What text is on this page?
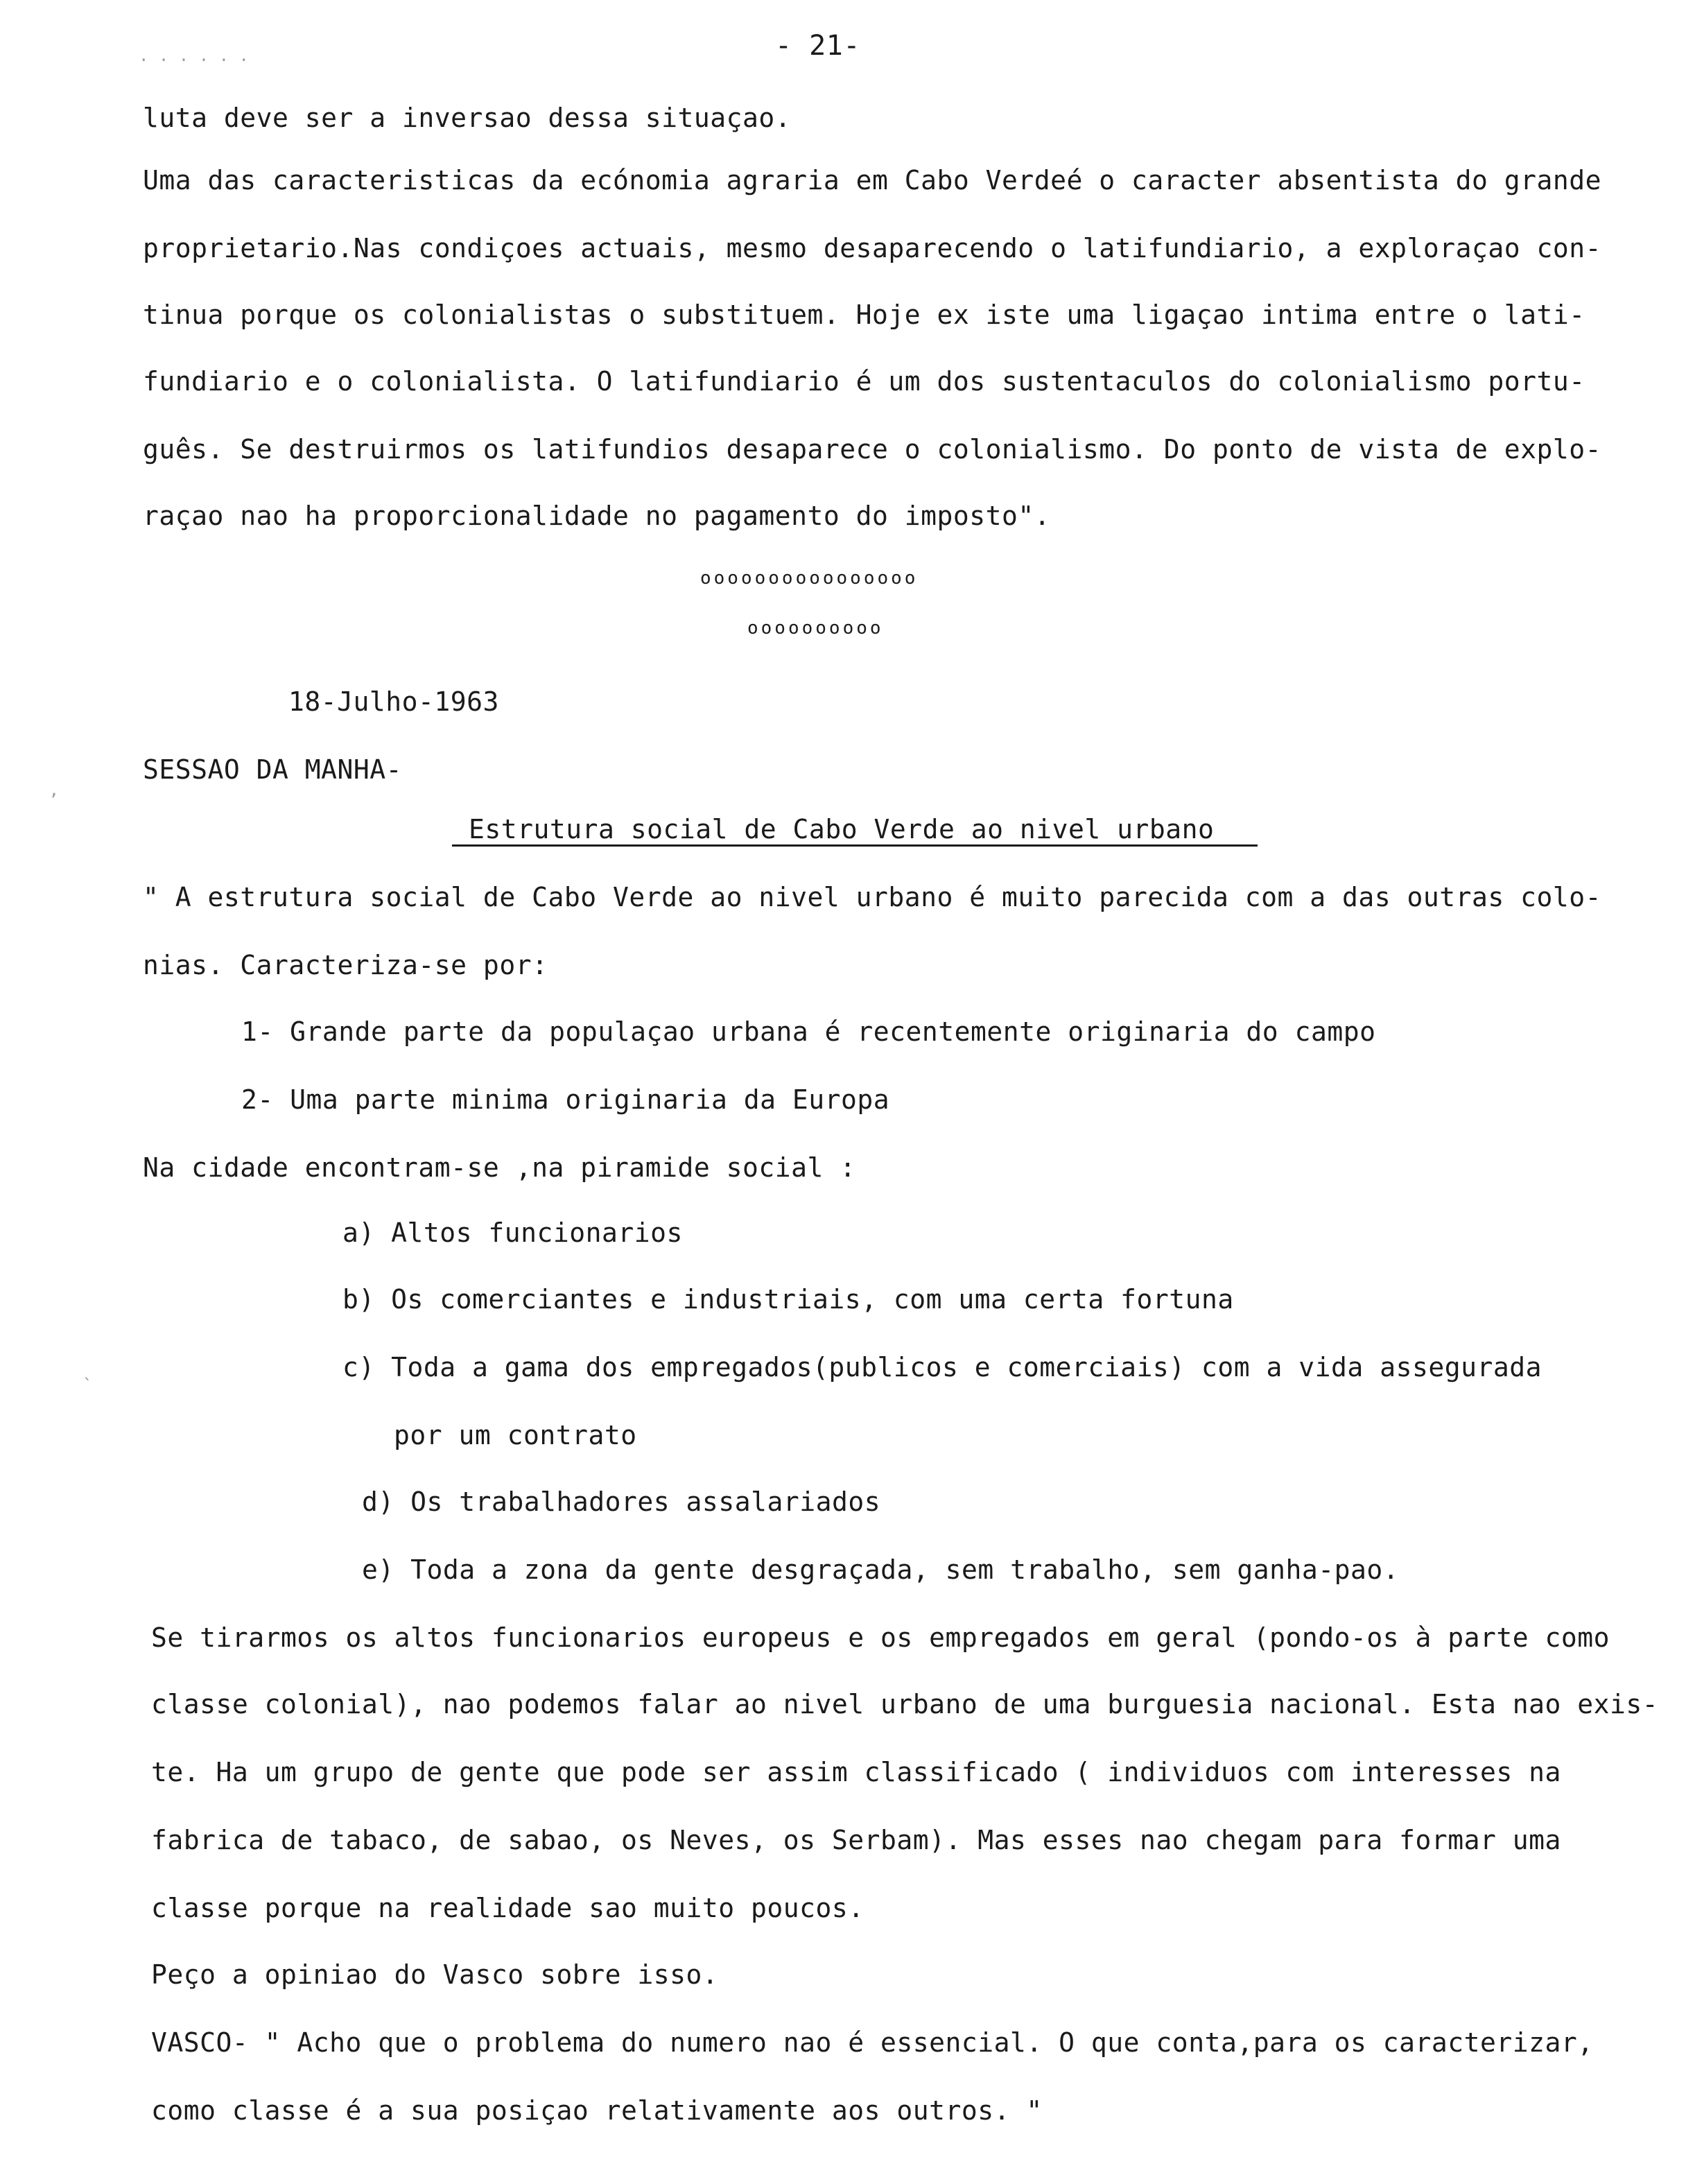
. . . . . .	- 21-
luta deve ser a inversao dessa situaçao.
Uma das caracteristicas da ecónomia agraria em Cabo Verdeé o caracter absentista do grande
proprietario.Nas condiçoes actuais, mesmo desaparecendo o latifundiario, a exploraçao con-
tinua porque os colonialistas o substituem. Hoje ex iste uma ligaçao intima entre o lati-
fundiario e o colonialista. O latifundiario é um dos sustentaculos do colonialismo portu-
guês. Se destruirmos os latifundios desaparece o colonialismo. Do ponto de vista de explo-
raçao nao ha proporcionalidade no pagamento do imposto".
oooooooooooooooo
oooooooooo
18-Julho-1963
SESSAO DA MANHA-
Estrutura social de Cabo Verde ao nivel urbano
" A estrutura social de Cabo Verde ao nivel urbano é muito parecida com a das outras colo-
nias. Caracteriza-se por:
1- Grande parte da populaçao urbana é recentemente originaria do campo
2- Uma parte minima originaria da Europa
Na cidade encontram-se ,na piramide social :
a) Altos funcionarios
b) Os comerciantes e industriais, com uma certa fortuna
c) Toda a gama dos empregados(publicos e comerciais) com a vida assegurada
por um contrato
d) Os trabalhadores assalariados
e) Toda a zona da gente desgraçada, sem trabalho, sem ganha-pao.
Se tirarmos os altos funcionarios europeus e os empregados em geral (pondo-os à parte como
classe colonial), nao podemos falar ao nivel urbano de uma burguesia nacional. Esta nao exis-
te. Ha um grupo de gente que pode ser assim classificado ( individuos com interesses na
fabrica de tabaco, de sabao, os Neves, os Serbam). Mas esses nao chegam para formar uma
classe porque na realidade sao muito poucos.
Peço a opiniao do Vasco sobre isso.
VASCO- " Acho que o problema do numero nao é essencial. O que conta,para os caracterizar,
como classe é a sua posiçao relativamente aos outros. "
ʼ
ˎ
